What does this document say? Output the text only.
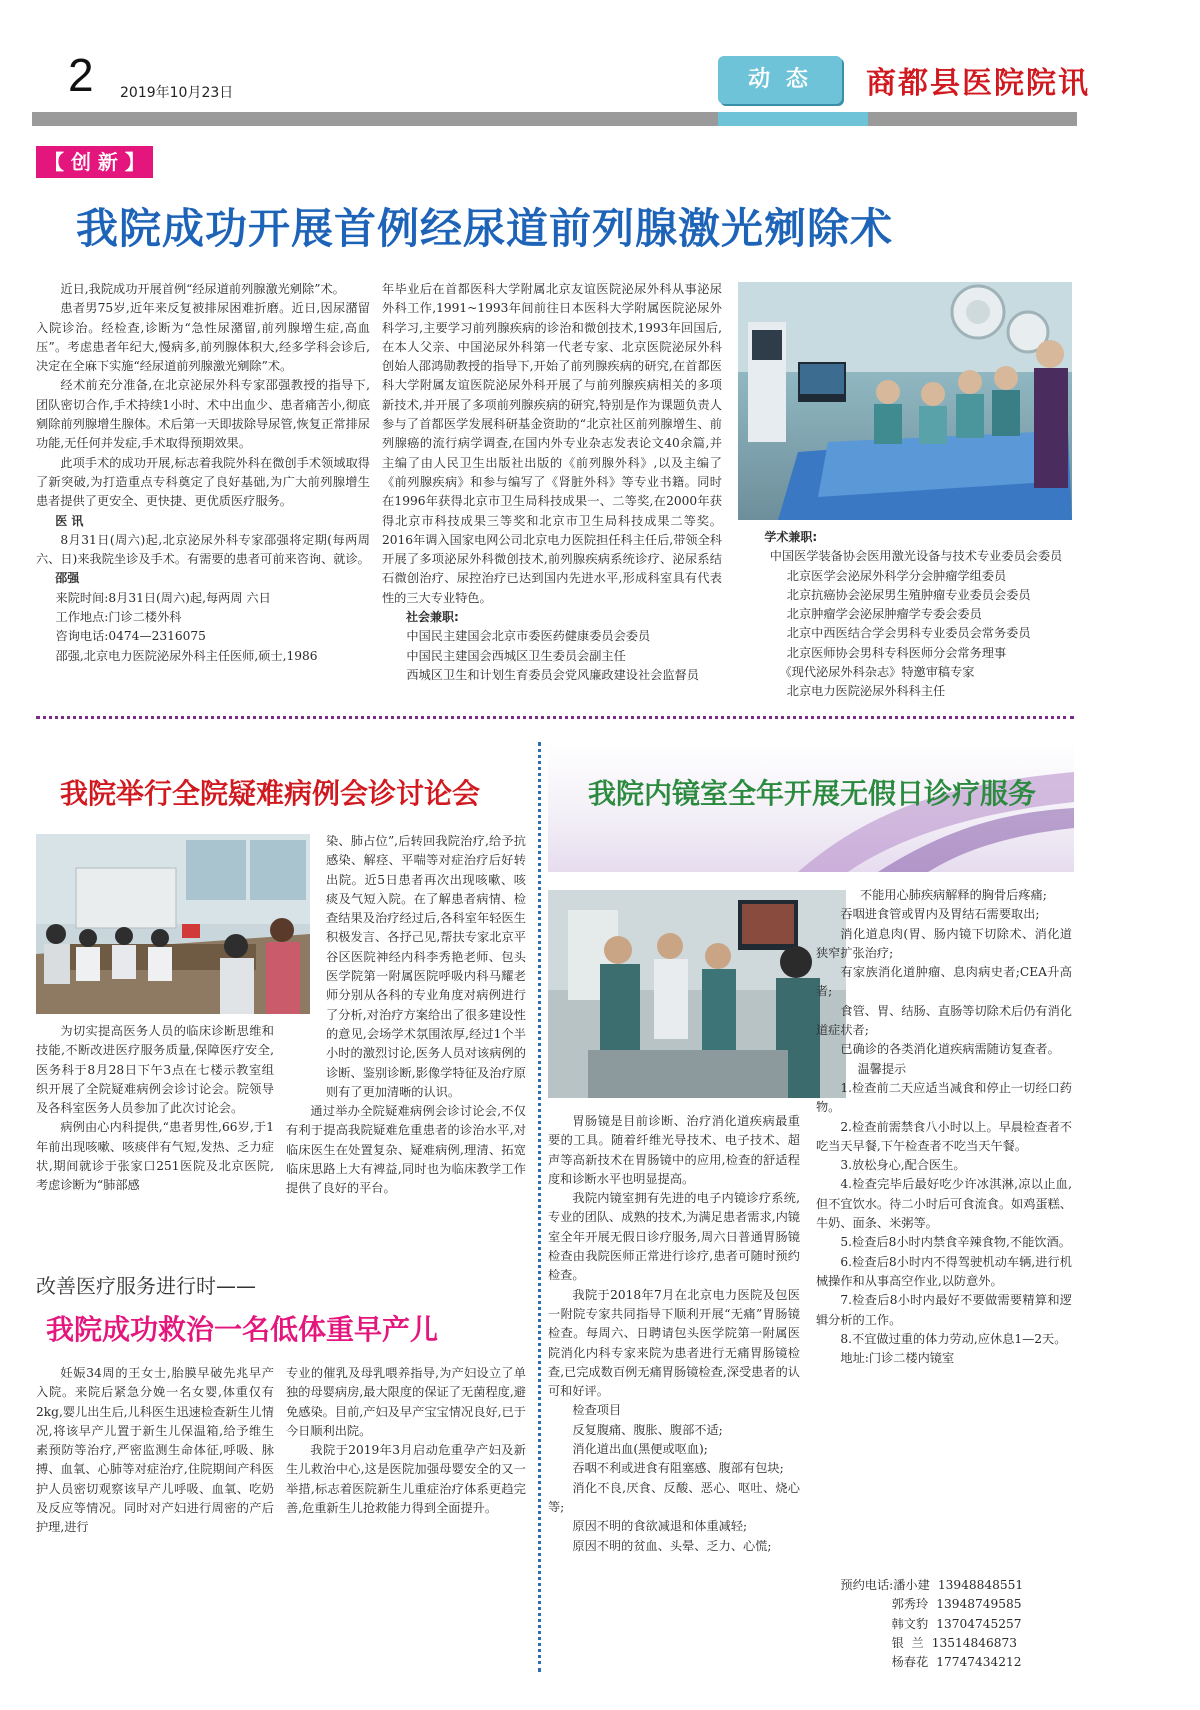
2 2019年10月23日
动 态	商都县医院院讯
【 创 新 】
我院成功开展首例经尿道前列腺激光剜除术

近日,我院成功开展首例“经尿道前列腺激光剜除”术。

患者男75岁,近年来反复被排尿困难折磨。近日,因尿潴留入院诊治。经检查,诊断为“急性尿潴留,前列腺增生症,高血压”。考虑患者年纪大,慢病多,前列腺体积大,经多学科会诊后,决定在全麻下实施“经尿道前列腺激光剜除”术。

经术前充分准备,在北京泌尿外科专家邵强教授的指导下,团队密切合作,手术持续1小时、术中出血少、患者痛苦小,彻底剜除前列腺增生腺体。术后第一天即拔除导尿管,恢复正常排尿功能,无任何并发症,手术取得预期效果。

此项手术的成功开展,标志着我院外科在微创手术领域取得了新突破,为打造重点专科奠定了良好基础,为广大前列腺增生患者提供了更安全、更快捷、更优质医疗服务。

医 讯

8月31日(周六)起,北京泌尿外科专家邵强将定期(每两周 六、日)来我院坐诊及手术。有需要的患者可前来咨询、就诊。

邵强

来院时间:8月31日(周六)起,每两周 六日

工作地点:门诊二楼外科

咨询电话:0474—2316075

邵强,北京电力医院泌尿外科主任医师,硕士,1986

年毕业后在首都医科大学附属北京友谊医院泌尿外科从事泌尿外科工作,1991~1993年间前往日本医科大学附属医院泌尿外科学习,主要学习前列腺疾病的诊治和微创技术,1993年回国后,在本人父亲、中国泌尿外科第一代老专家、北京医院泌尿外科创始人邵鸿勋教授的指导下,开始了前列腺疾病的研究,在首都医科大学附属友谊医院泌尿外科开展了与前列腺疾病相关的多项新技术,并开展了多项前列腺疾病的研究,特别是作为课题负责人参与了首都医学发展科研基金资助的“北京社区前列腺增生、前列腺癌的流行病学调查,在国内外专业杂志发表论文40余篇,并主编了由人民卫生出版社出版的《前列腺外科》,以及主编了《前列腺疾病》和参与编写了《肾脏外科》等专业书籍。同时在1996年获得北京市卫生局科技成果一、二等奖,在2000年获得北京市科技成果三等奖和北京市卫生局科技成果二等奖。2016年调入国家电网公司北京电力医院担任科主任后,带领全科开展了多项泌尿外科微创技术,前列腺疾病系统诊疗、泌尿系结石微创治疗、尿控治疗已达到国内先进水平,形成科室具有代表性的三大专业特色。

社会兼职:

中国民主建国会北京市委医药健康委员会委员

中国民主建国会西城区卫生委员会副主任

西城区卫生和计划生育委员会党风廉政建设社会监督员

学术兼职:

中国医学装备协会医用激光设备与技术专业委员会委员

北京医学会泌尿外科学分会肿瘤学组委员

北京抗癌协会泌尿男生殖肿瘤专业委员会委员

北京肿瘤学会泌尿肿瘤学专委会委员

北京中西医结合学会男科专业委员会常务委员

北京医师协会男科专科医师分会常务理事

《现代泌尿外科杂志》特邀审稿专家

北京电力医院泌尿外科科主任

我院举行全院疑难病例会诊讨论会

为切实提高医务人员的临床诊断思维和技能,不断改进医疗服务质量,保障医疗安全,医务科于8月28日下午3点在七楼示教室组织开展了全院疑难病例会诊讨论会。院领导及各科室医务人员参加了此次讨论会。

病例由心内科提供,“患者男性,66岁,于1年前出现咳嗽、咳痰伴有气短,发热、乏力症状,期间就诊于张家口251医院及北京医院,考虑诊断为“肺部感

染、肺占位”,后转回我院治疗,给予抗感染、解痉、平喘等对症治疗后好转出院。近5日患者再次出现咳嗽、咳痰及气短入院。在了解患者病情、检查结果及治疗经过后,各科室年轻医生积极发言、各抒己见,帮扶专家北京平谷区医院神经内科李秀艳老师、包头医学院第一附属医院呼吸内科马耀老师分别从各科的专业角度对病例进行了分析,对治疗方案给出了很多建设性的意见,会场学术氛围浓厚,经过1个半小时的激烈讨论,医务人员对该病例的诊断、鉴别诊断,影像学特征及治疗原则有了更加清晰的认识。

通过举办全院疑难病例会诊讨论会,不仅有利于提高我院疑难危重患者的诊治水平,对临床医生在处置复杂、疑难病例,理清、拓宽临床思路上大有裨益,同时也为临床教学工作提供了良好的平台。

改善医疗服务进行时——
我院成功救治一名低体重早产儿

妊娠34周的王女士,胎膜早破先兆早产入院。来院后紧急分娩一名女婴,体重仅有2kg,婴儿出生后,儿科医生迅速检查新生儿情况,将该早产儿置于新生儿保温箱,给予维生素预防等治疗,严密监测生命体征,呼吸、脉搏、血氧、心肺等对症治疗,住院期间产科医护人员密切观察该早产儿呼吸、血氧、吃奶及反应等情况。同时对产妇进行周密的产后护理,进行

专业的催乳及母乳喂养指导,为产妇设立了单独的母婴病房,最大限度的保证了无菌程度,避免感染。目前,产妇及早产宝宝情况良好,已于今日顺利出院。

我院于2019年3月启动危重孕产妇及新生儿救治中心,这是医院加强母婴安全的又一举措,标志着医院新生儿重症治疗体系更趋完善,危重新生儿抢救能力得到全面提升。

我院内镜室全年开展无假日诊疗服务

胃肠镜是目前诊断、治疗消化道疾病最重要的工具。随着纤维光导技术、电子技术、超声等高新技术在胃肠镜中的应用,检查的舒适程度和诊断水平也明显提高。

我院内镜室拥有先进的电子内镜诊疗系统,专业的团队、成熟的技术,为满足患者需求,内镜室全年开展无假日诊疗服务,周六日普通胃肠镜检查由我院医师正常进行诊疗,患者可随时预约检查。

我院于2018年7月在北京电力医院及包医一附院专家共同指导下顺利开展“无痛”胃肠镜检查。每周六、日聘请包头医学院第一附属医院消化内科专家来院为患者进行无痛胃肠镜检查,已完成数百例无痛胃肠镜检查,深受患者的认可和好评。

检查项目

反复腹痛、腹胀、腹部不适;

消化道出血(黑便或呕血);

吞咽不利或进食有阻塞感、腹部有包块;

消化不良,厌食、反酸、恶心、呕吐、烧心等;

原因不明的食欲减退和体重减轻;

原因不明的贫血、头晕、乏力、心慌;

不能用心肺疾病解释的胸骨后疼痛;

吞咽进食管或胃内及胃结石需要取出;

消化道息肉(胃、肠内镜下切除术、消化道狭窄扩张治疗;

有家族消化道肿瘤、息肉病史者;CEA升高者;

食管、胃、结肠、直肠等切除术后仍有消化道症状者;

已确诊的各类消化道疾病需随访复查者。

温馨提示

1.检查前二天应适当减食和停止一切经口药物。

2.检查前需禁食八小时以上。早晨检查者不吃当天早餐,下午检查者不吃当天午餐。

3.放松身心,配合医生。

4.检查完毕后最好吃少许冰淇淋,凉以止血,但不宜饮水。待二小时后可食流食。如鸡蛋糕、牛奶、面条、米粥等。

5.检查后8小时内禁食辛辣食物,不能饮酒。

6.检查后8小时内不得驾驶机动车辆,进行机械操作和从事高空作业,以防意外。

7.检查后8小时内最好不要做需要精算和逻辑分析的工作。

8.不宜做过重的体力劳动,应休息1—2天。

地址:门诊二楼内镜室

预约电话: 潘小建 13948848551
郭秀玲 13948749585
韩文豹 13704745257
银  兰 13514846873
杨春花 17747434212
